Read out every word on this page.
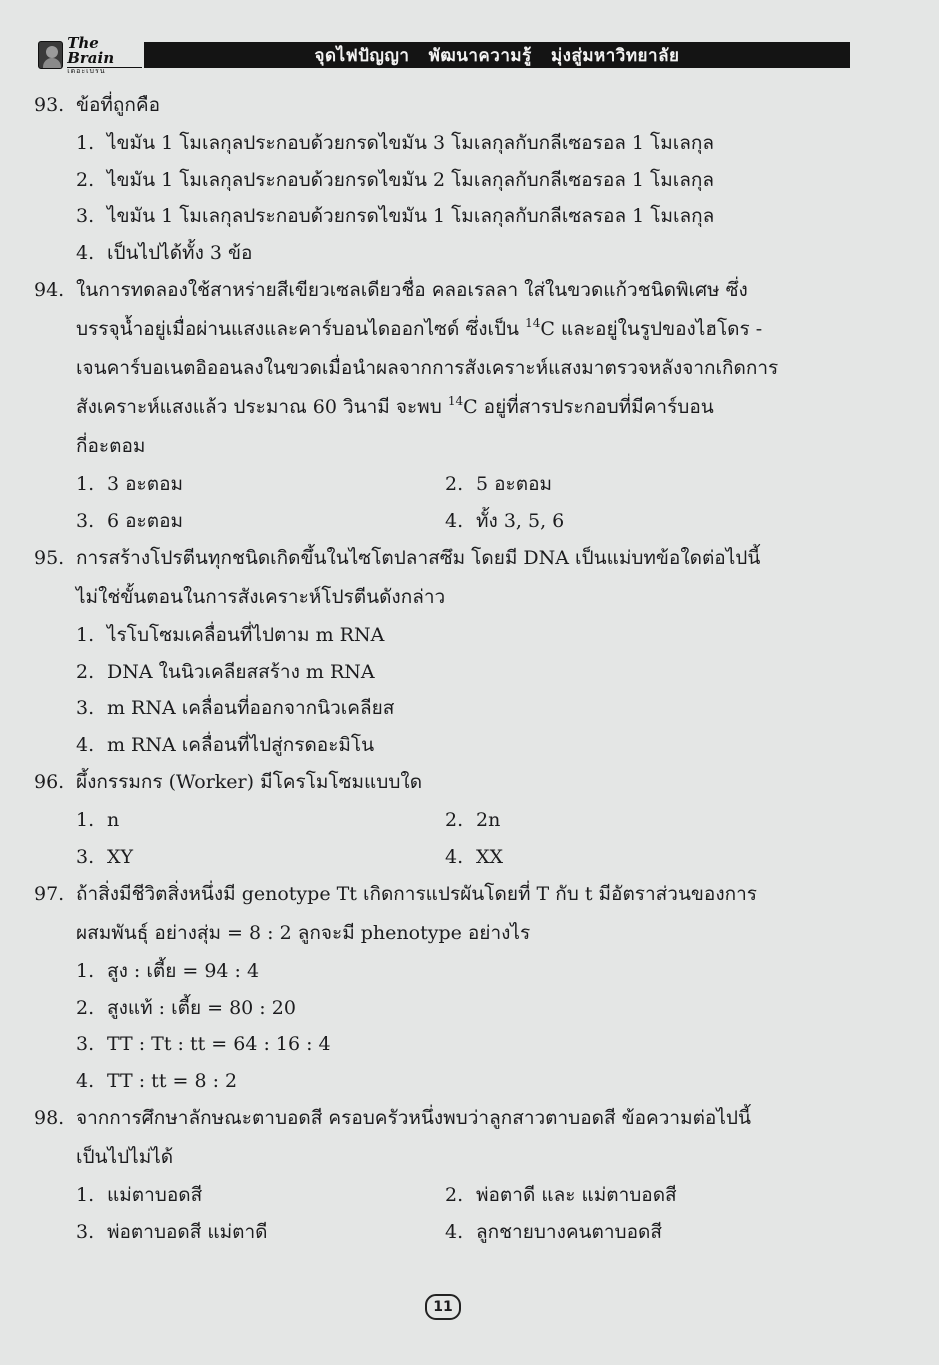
The Brain
เดอะเบรน
จุดไฟปัญญา   พัฒนาความรู้   มุ่งสู่มหาวิทยาลัย
93. ข้อที่ถูกคือ
1. ไขมัน 1 โมเลกุลประกอบด้วยกรดไขมัน 3 โมเลกุลกับกลีเซอรอล 1 โมเลกุล
2. ไขมัน 1 โมเลกุลประกอบด้วยกรดไขมัน 2 โมเลกุลกับกลีเซอรอล 1 โมเลกุล
3. ไขมัน 1 โมเลกุลประกอบด้วยกรดไขมัน 1 โมเลกุลกับกลีเซลรอล 1 โมเลกุล
4. เป็นไปได้ทั้ง 3 ข้อ
94. ในการทดลองใช้สาหร่ายสีเขียวเซลเดียวชื่อ คลอเรลลา ใส่ในขวดแก้วชนิดพิเศษ ซึ่ง
บรรจุน้ำอยู่เมื่อผ่านแสงและคาร์บอนไดออกไซด์ ซึ่งเป็น $^{14}$C และอยู่ในรูปของไฮโดร -
เจนคาร์บอเนตอิออนลงในขวดเมื่อนำผลจากการสังเคราะห์แสงมาตรวจหลังจากเกิดการ
สังเคราะห์แสงแล้ว ประมาณ 60 วินามี จะพบ $^{14}$C อยู่ที่สารประกอบที่มีคาร์บอน
กี่อะตอม
1. 3 อะตอม	2. 5 อะตอม
3. 6 อะตอม	4. ทั้ง 3, 5, 6
95. การสร้างโปรตีนทุกชนิดเกิดขึ้นในไซโตปลาสซึม โดยมี DNA เป็นแม่บทข้อใดต่อไปนี้
ไม่ใช่ขั้นตอนในการสังเคราะห์โปรตีนดังกล่าว
1. ไรโบโซมเคลื่อนที่ไปตาม m RNA
2. DNA ในนิวเคลียสสร้าง m RNA
3. m RNA เคลื่อนที่ออกจากนิวเคลียส
4. m RNA เคลื่อนที่ไปสู่กรดอะมิโน
96. ผึ้งกรรมกร (Worker) มีโครโมโซมแบบใด
1. n	2. 2n
3. XY	4. XX
97. ถ้าสิ่งมีชีวิตสิ่งหนึ่งมี genotype Tt เกิดการแปรผันโดยที่ T กับ t มีอัตราส่วนของการ
ผสมพันธุ์ อย่างสุ่ม = 8 : 2 ลูกจะมี phenotype อย่างไร
1. สูง : เตี้ย = 94 : 4
2. สูงแท้ : เตี้ย = 80 : 20
3. TT : Tt : tt = 64 : 16 : 4
4. TT : tt = 8 : 2
98. จากการศึกษาลักษณะตาบอดสี ครอบครัวหนึ่งพบว่าลูกสาวตาบอดสี ข้อความต่อไปนี้
เป็นไปไม่ได้
1. แม่ตาบอดสี	2. พ่อตาดี และ แม่ตาบอดสี
3. พ่อตาบอดสี แม่ตาดี	4. ลูกชายบางคนตาบอดสี
11
